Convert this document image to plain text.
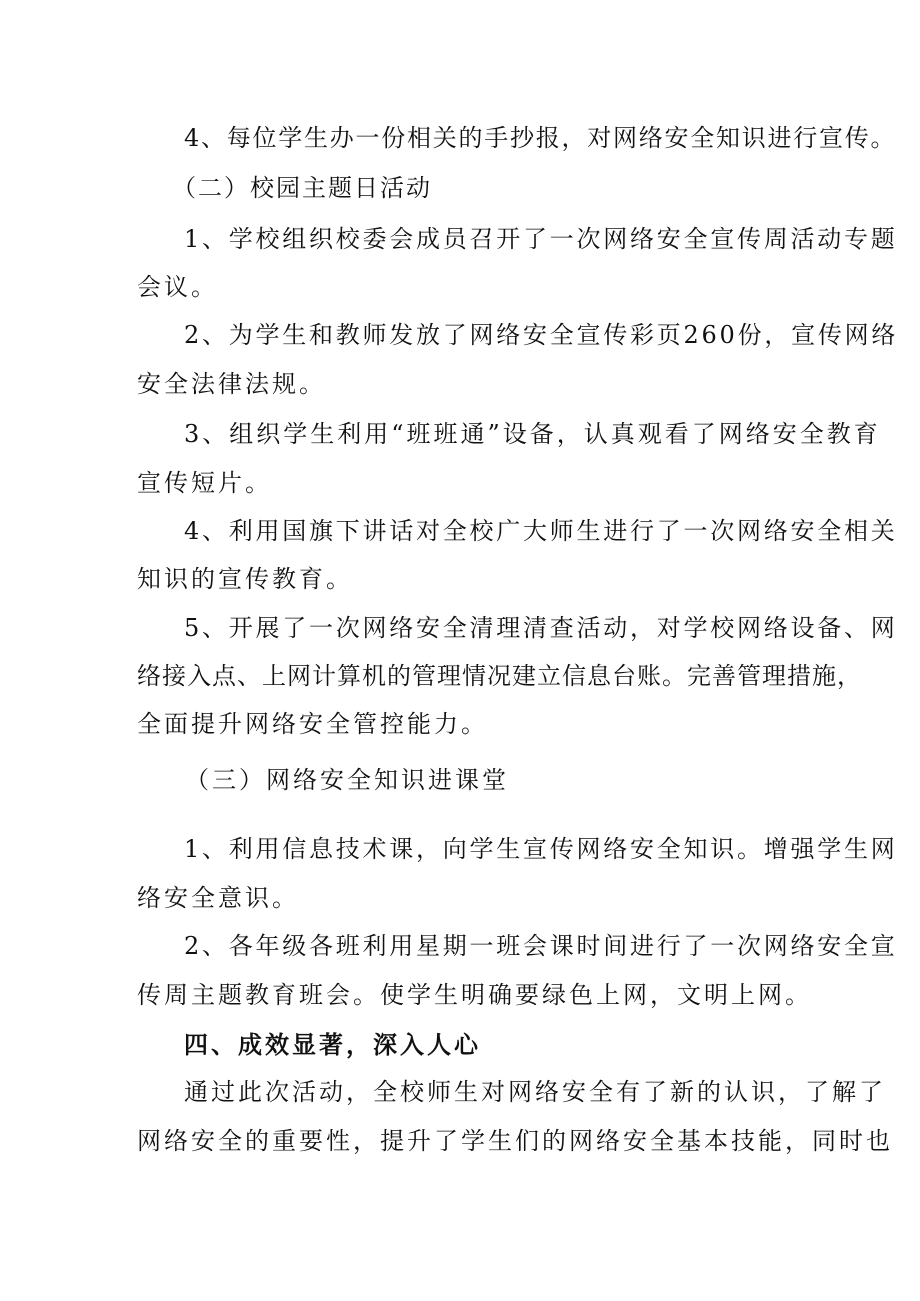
4、每位学生办一份相关的手抄报，对网络安全知识进行宣传。
（二）校园主题日活动
1、学校组织校委会成员召开了一次网络安全宣传周活动专题
会议。
2、为学生和教师发放了网络安全宣传彩页260份，宣传网络
安全法律法规。
3、组织学生利用“班班通”设备，认真观看了网络安全教育
宣传短片。
4、利用国旗下讲话对全校广大师生进行了一次网络安全相关
知识的宣传教育。
5、开展了一次网络安全清理清查活动，对学校网络设备、网
络接入点、上网计算机的管理情况建立信息台账。完善管理措施，
全面提升网络安全管控能力。
（三）网络安全知识进课堂
1、利用信息技术课，向学生宣传网络安全知识。增强学生网
络安全意识。
2、各年级各班利用星期一班会课时间进行了一次网络安全宣
传周主题教育班会。使学生明确要绿色上网，文明上网。
四、成效显著，深入人心
通过此次活动，全校师生对网络安全有了新的认识，了解了
网络安全的重要性，提升了学生们的网络安全基本技能，同时也
